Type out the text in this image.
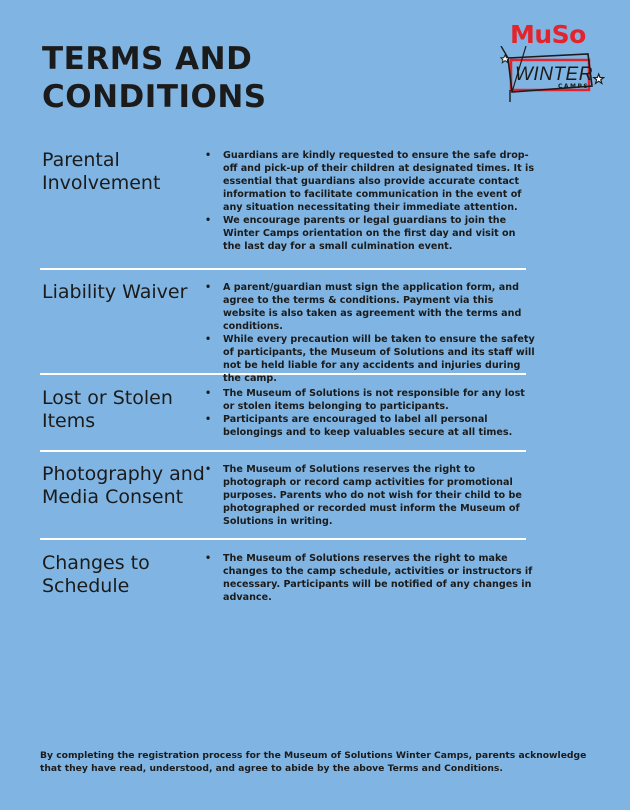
TERMS AND
CONDITIONS
MuSo
WINTER
CAMPS
Parental Involvement
• Guardians are kindly requested to ensure the safe drop-off and pick-up of their children at designated times. It is essential that guardians also provide accurate contact information to facilitate communication in the event of any situation necessitating their immediate attention.
• We encourage parents or legal guardians to join the Winter Camps orientation on the first day and visit on the last day for a small culmination event.
Liability Waiver
•	A parent/guardian must sign the application form, and agree to the terms & conditions. Payment via this website is also taken as agreement with the terms and conditions.
• While every precaution will be taken to ensure the safety of participants, the Museum of Solutions and its staff will not be held liable for any accidents and injuries during the camp.
Lost or Stolen Items
• The Museum of Solutions is not responsible for any lost or stolen items belonging to participants.
• Participants are encouraged to label all personal belongings and to keep valuables secure at all times.
Photography and Media Consent
• The Museum of Solutions reserves the right to photograph or record camp activities for promotional purposes. Parents who do not wish for their child to be photographed or recorded must inform the Museum of Solutions in writing.
Changes to Schedule
• The Museum of Solutions reserves the right to make changes to the camp schedule, activities or instructors if necessary. Participants will be notified of any changes in advance.

By completing the registration process for the Museum of Solutions Winter Camps, parents acknowledge that they have read, understood, and agree to abide by the above Terms and Conditions.
